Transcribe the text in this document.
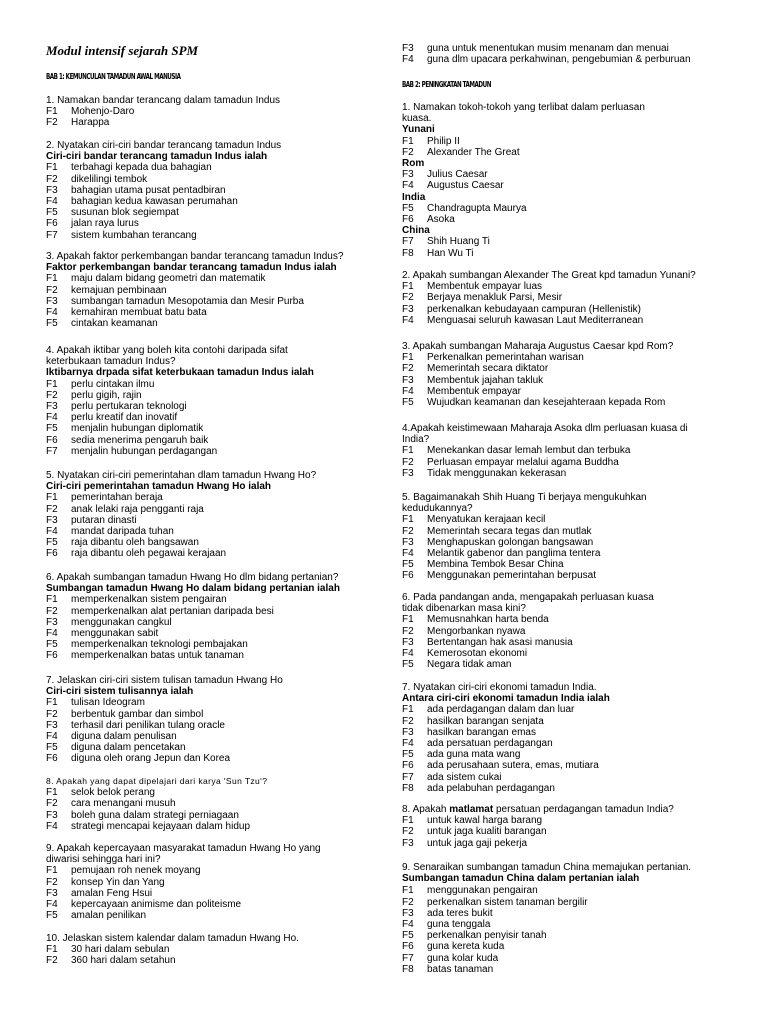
Modul intensif sejarah SPM
BAB 1: KEMUNCULAN TAMADUN AWAL MANUSIA
BAB 2: PENINGKATAN TAMADUN
1. Namakan bandar terancang dalam tamadun Indus
F1	Mohenjo-Daro
F2	Harappa
2. Nyatakan ciri-ciri bandar terancang tamadun Indus
Ciri-ciri bandar terancang tamadun Indus ialah
F1	terbahagi kepada dua bahagian
F2	dikelilingi tembok
F3	bahagian utama pusat pentadbiran
F4	bahagian kedua kawasan perumahan
F5	susunan blok segiempat
F6	jalan raya lurus
F7	sistem kumbahan terancang
3. Apakah faktor perkembangan bandar terancang tamadun Indus?
Faktor perkembangan bandar terancang tamadun Indus ialah
F1	maju dalam bidang geometri dan matematik
F2	kemajuan pembinaan
F3	sumbangan tamadun Mesopotamia dan Mesir Purba
F4	kemahiran membuat batu bata
F5	cintakan keamanan
4. Apakah iktibar yang boleh kita contohi daripada sifat
keterbukaan tamadun Indus?
Iktibarnya drpada sifat keterbukaan tamadun Indus ialah
F1	perlu cintakan ilmu
F2	perlu gigih, rajin
F3	perlu pertukaran teknologi
F4	perlu kreatif dan inovatif
F5	menjalin hubungan diplomatik
F6	sedia menerima pengaruh baik
F7	menjalin hubungan perdagangan
5. Nyatakan ciri-ciri pemerintahan dlam tamadun Hwang Ho?
Ciri-ciri pemerintahan tamadun Hwang Ho ialah
F1	pemerintahan beraja
F2	anak lelaki raja pengganti raja
F3	putaran dinasti
F4	mandat daripada tuhan
F5	raja dibantu oleh bangsawan
F6	raja dibantu oleh pegawai kerajaan
6. Apakah sumbangan tamadun Hwang Ho dlm bidang pertanian?
Sumbangan tamadun Hwang Ho dalam bidang pertanian ialah
F1	memperkenalkan sistem pengairan
F2	memperkenalkan alat pertanian daripada besi
F3	menggunakan cangkul
F4	menggunakan sabit
F5	memperkenalkan teknologi pembajakan
F6	memperkenalkan batas untuk tanaman
7. Jelaskan ciri-ciri sistem tulisan tamadun Hwang Ho
Ciri-ciri sistem tulisannya ialah
F1	tulisan Ideogram
F2	berbentuk gambar dan simbol
F3	terhasil dari penilikan tulang oracle
F4	diguna dalam penulisan
F5	diguna dalam pencetakan
F6	diguna oleh orang Jepun dan Korea
8. Apakah yang dapat dipelajari dari karya 'Sun Tzu'?
F1	selok belok perang
F2	cara menangani musuh
F3	boleh guna dalam strategi perniagaan
F4	strategi mencapai kejayaan dalam hidup
9. Apakah kepercayaan masyarakat tamadun Hwang Ho yang
diwarisi sehingga hari ini?
F1	pemujaan roh nenek moyang
F2	konsep Yin dan Yang
F3	amalan Feng Hsui
F4	kepercayaan animisme dan politeisme
F5	amalan penilikan
10. Jelaskan sistem kalendar dalam tamadun Hwang Ho.
F1	30 hari dalam sebulan
F2	360 hari dalam setahun
F3	guna untuk menentukan musim menanam dan menuai
F4	guna dlm upacara perkahwinan, pengebumian & perburuan
1. Namakan tokoh-tokoh yang terlibat dalam perluasan
kuasa.
Yunani
F1	Philip II
F2	Alexander The Great
Rom
F3	Julius Caesar
F4	Augustus Caesar
India
F5	Chandragupta Maurya
F6	Asoka
China
F7	Shih Huang Ti
F8	Han Wu Ti
2. Apakah sumbangan Alexander The Great kpd tamadun Yunani?
F1	Membentuk empayar luas
F2	Berjaya menakluk Parsi, Mesir
F3	perkenalkan kebudayaan campuran (Hellenistik)
F4	Menguasai seluruh kawasan Laut Mediterranean
3. Apakah sumbangan Maharaja Augustus Caesar kpd Rom?
F1	Perkenalkan pemerintahan warisan
F2	Memerintah secara diktator
F3	Membentuk jajahan takluk
F4	Membentuk empayar
F5	Wujudkan keamanan dan kesejahteraan kepada Rom
4.Apakah keistimewaan Maharaja Asoka dlm perluasan kuasa di
India?
F1	Menekankan dasar lemah lembut dan terbuka
F2	Perluasan empayar melalui agama Buddha
F3	Tidak menggunakan kekerasan
5. Bagaimanakah Shih Huang Ti berjaya mengukuhkan
kedudukannya?
F1	Menyatukan kerajaan kecil
F2	Memerintah secara tegas dan mutlak
F3	Menghapuskan golongan bangsawan
F4	Melantik gabenor dan panglima tentera
F5	Membina Tembok Besar China
F6	Menggunakan pemerintahan berpusat
6. Pada pandangan anda, mengapakah perluasan kuasa
tidak dibenarkan masa kini?
F1	Memusnahkan harta benda
F2	Mengorbankan nyawa
F3	Bertentangan hak asasi manusia
F4	Kemerosotan ekonomi
F5	Negara tidak aman
7. Nyatakan ciri-ciri ekonomi tamadun India.
Antara ciri-ciri ekonomi tamadun India ialah
F1	ada perdagangan dalam dan luar
F2	hasilkan barangan senjata
F3	hasilkan barangan emas
F4	ada persatuan perdagangan
F5	ada guna mata wang
F6	ada perusahaan sutera, emas, mutiara
F7	ada sistem cukai
F8	ada pelabuhan perdagangan
8. Apakah matlamat persatuan perdagangan tamadun India?
F1	untuk kawal harga barang
F2	untuk jaga kualiti barangan
F3	untuk jaga gaji pekerja
9. Senaraikan sumbangan tamadun China memajukan pertanian.
Sumbangan tamadun China dalam pertanian ialah
F1	menggunakan pengairan
F2	perkenalkan sistem tanaman bergilir
F3	ada teres bukit
F4	guna tenggala
F5	perkenalkan penyisir tanah
F6	guna kereta kuda
F7	guna kolar kuda
F8	batas tanaman
